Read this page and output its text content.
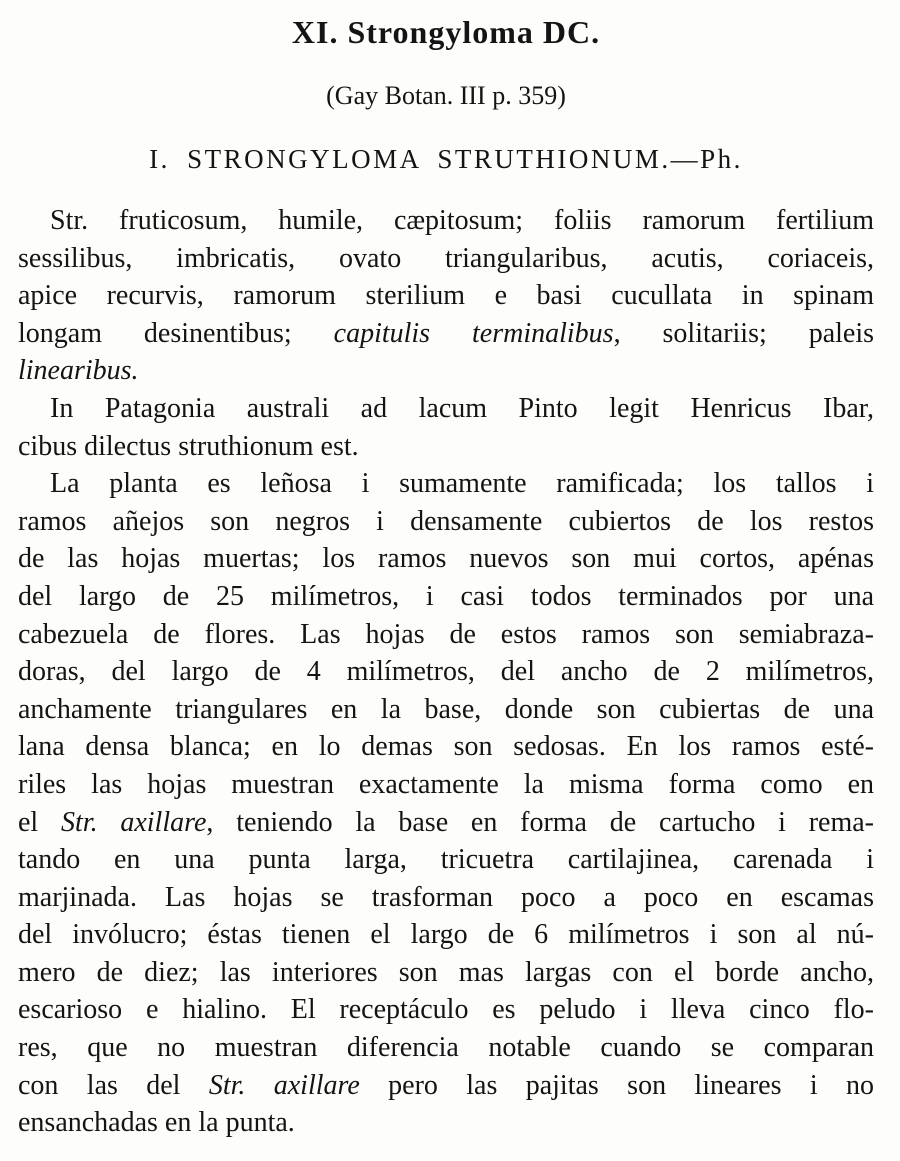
XI. Strongyloma DC.
(Gay Botan. III p. 359)
I. STRONGYLOMA STRUTHIONUM.—Ph.
Str. fruticosum, humile, cæpitosum; foliis ramorum fertilium
sessilibus, imbricatis, ovato triangularibus, acutis, coriaceis,
apice recurvis, ramorum sterilium e basi cucullata in spinam
longam desinentibus; capitulis terminalibus, solitariis; paleis
linearibus.
In Patagonia australi ad lacum Pinto legit Henricus Ibar,
cibus dilectus struthionum est.
La planta es leñosa i sumamente ramificada; los tallos i
ramos añejos son negros i densamente cubiertos de los restos
de las hojas muertas; los ramos nuevos son mui cortos, apénas
del largo de 25 milímetros, i casi todos terminados por una
cabezuela de flores. Las hojas de estos ramos son semiabraza-
doras, del largo de 4 milímetros, del ancho de 2 milímetros,
anchamente triangulares en la base, donde son cubiertas de una
lana densa blanca; en lo demas son sedosas. En los ramos esté-
riles las hojas muestran exactamente la misma forma como en
el Str. axillare, teniendo la base en forma de cartucho i rema-
tando en una punta larga, tricuetra cartilajinea, carenada i
marjinada. Las hojas se trasforman poco a poco en escamas
del invólucro; éstas tienen el largo de 6 milímetros i son al nú-
mero de diez; las interiores son mas largas con el borde ancho,
escarioso e hialino. El receptáculo es peludo i lleva cinco flo-
res, que no muestran diferencia notable cuando se comparan
con las del Str. axillare pero las pajitas son lineares i no
ensanchadas en la punta.
